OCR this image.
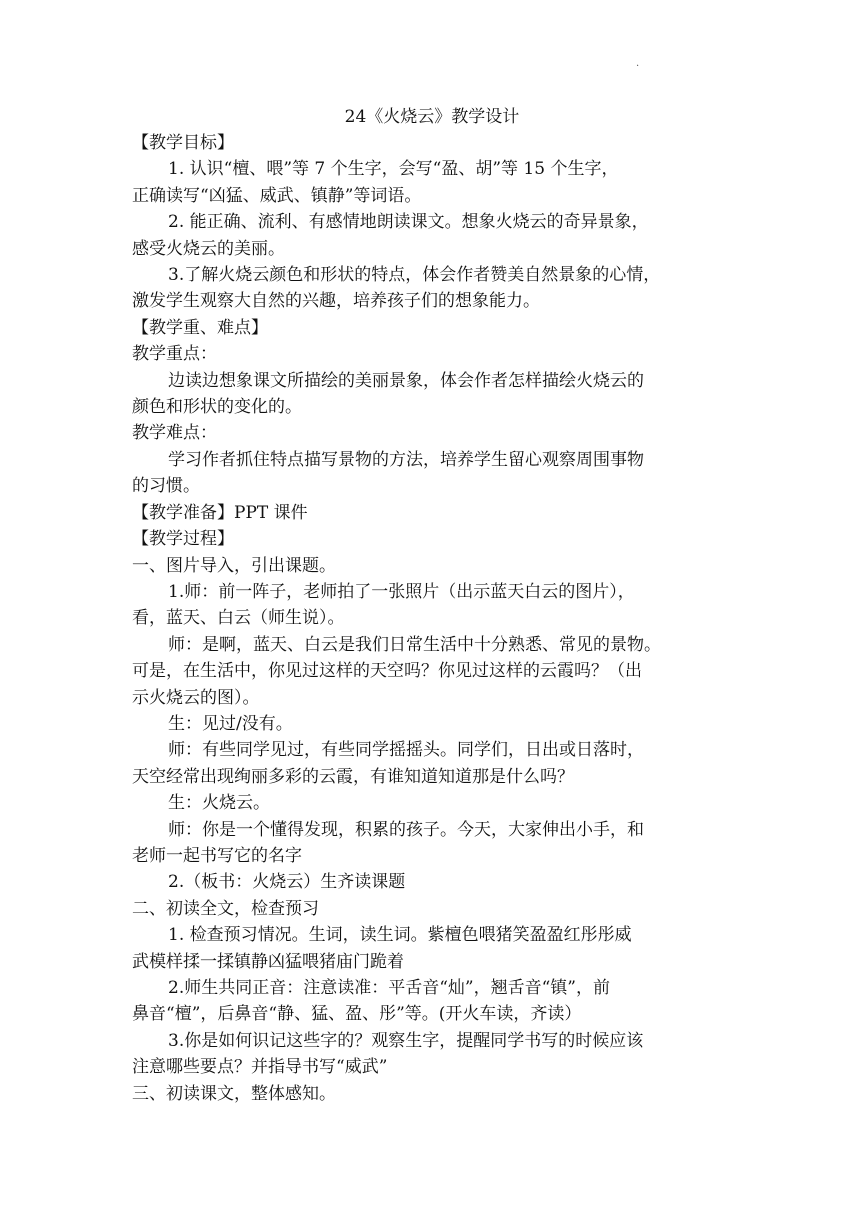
.
24《火烧云》教学设计

【教学目标】

1. 认识“檀、喂”等 7 个生字，会写“盈、胡”等 15 个生字，

正确读写“凶猛、威武、镇静”等词语。

2. 能正确、流利、有感情地朗读课文。想象火烧云的奇异景象，

感受火烧云的美丽。

3.了解火烧云颜色和形状的特点，体会作者赞美自然景象的心情，

激发学生观察大自然的兴趣，培养孩子们的想象能力。

【教学重、难点】

教学重点：

边读边想象课文所描绘的美丽景象，体会作者怎样描绘火烧云的

颜色和形状的变化的。

教学难点：

学习作者抓住特点描写景物的方法，培养学生留心观察周围事物

的习惯。

【教学准备】PPT 课件

【教学过程】

一、图片导入，引出课题。

1.师：前一阵子，老师拍了一张照片（出示蓝天白云的图片），

看，蓝天、白云（师生说）。

师：是啊，蓝天、白云是我们日常生活中十分熟悉、常见的景物。

可是，在生活中，你见过这样的天空吗？你见过这样的云霞吗？（出

示火烧云的图）。

生：见过/没有。

师：有些同学见过，有些同学摇摇头。同学们，日出或日落时，

天空经常出现绚丽多彩的云霞，有谁知道知道那是什么吗？

生：火烧云。

师：你是一个懂得发现，积累的孩子。今天，大家伸出小手，和

老师一起书写它的名字

2.（板书：火烧云）生齐读课题

二、初读全文，检查预习

1. 检查预习情况。生词，读生词。紫檀色喂猪笑盈盈红彤彤威

武模样揉一揉镇静凶猛喂猪庙门跪着

2.师生共同正音：注意读准：平舌音“灿”，翘舌音“镇”，前

鼻音“檀”，后鼻音“静、猛、盈、彤”等。(开火车读，齐读）

3.你是如何识记这些字的？观察生字，提醒同学书写的时候应该

注意哪些要点？并指导书写“威武”

三、初读课文，整体感知。
